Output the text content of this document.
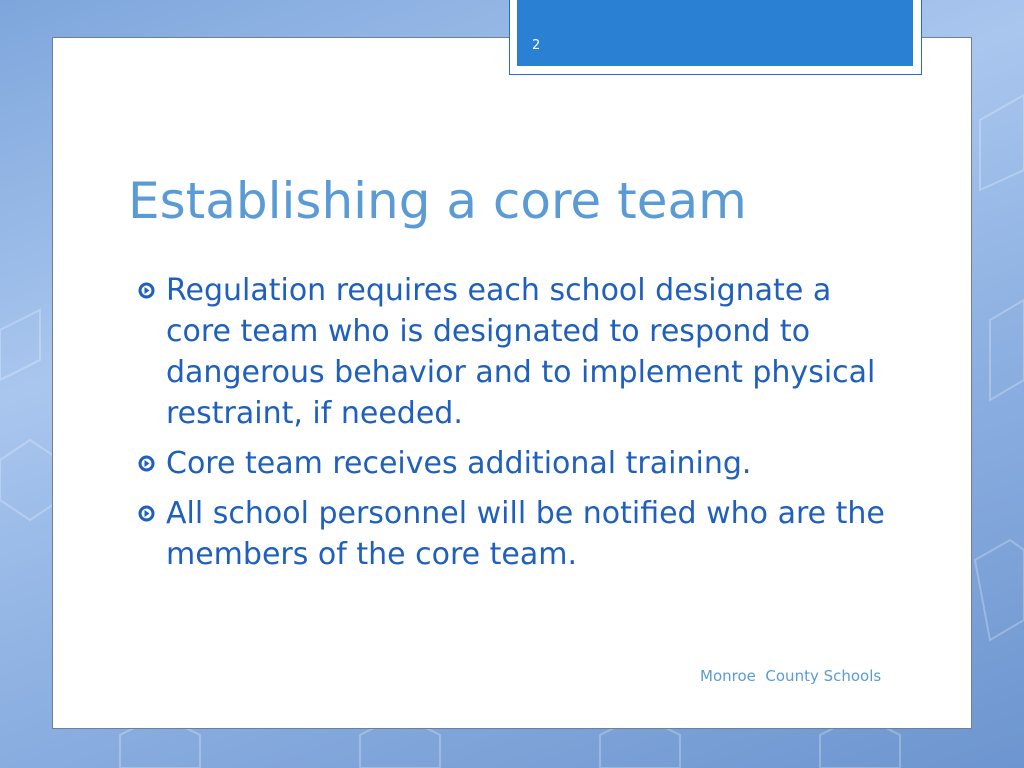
2
Establishing a core team
Regulation requires each school designate a core team who is designated to respond to dangerous behavior and to implement physical restraint, if needed.
Core team receives additional training.
All school personnel will be notified who are the members of the core team.
Monroe  County Schools
